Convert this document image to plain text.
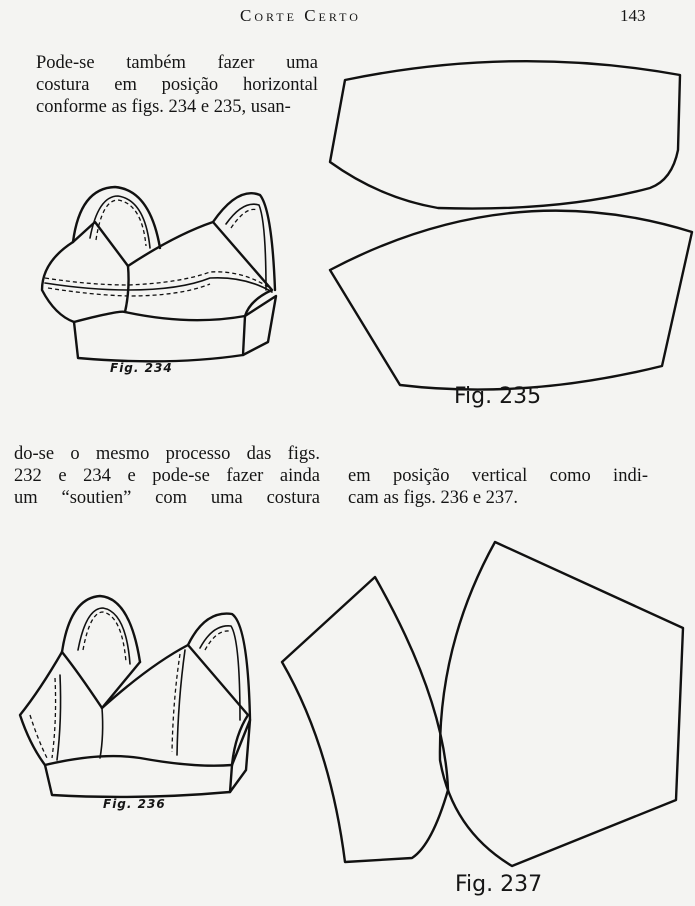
Corte Certo	143
Pode-se também fazer uma
costura em posição horizontal
conforme as figs. 234 e 235, usan-
do-se o mesmo processo das figs.
232 e 234 e pode-se fazer ainda
um “soutien” com uma costura
em posição vertical como indi-
cam as figs. 236 e 237.
Fig. 234
Fig. 235
Fig. 236
Fig. 237
